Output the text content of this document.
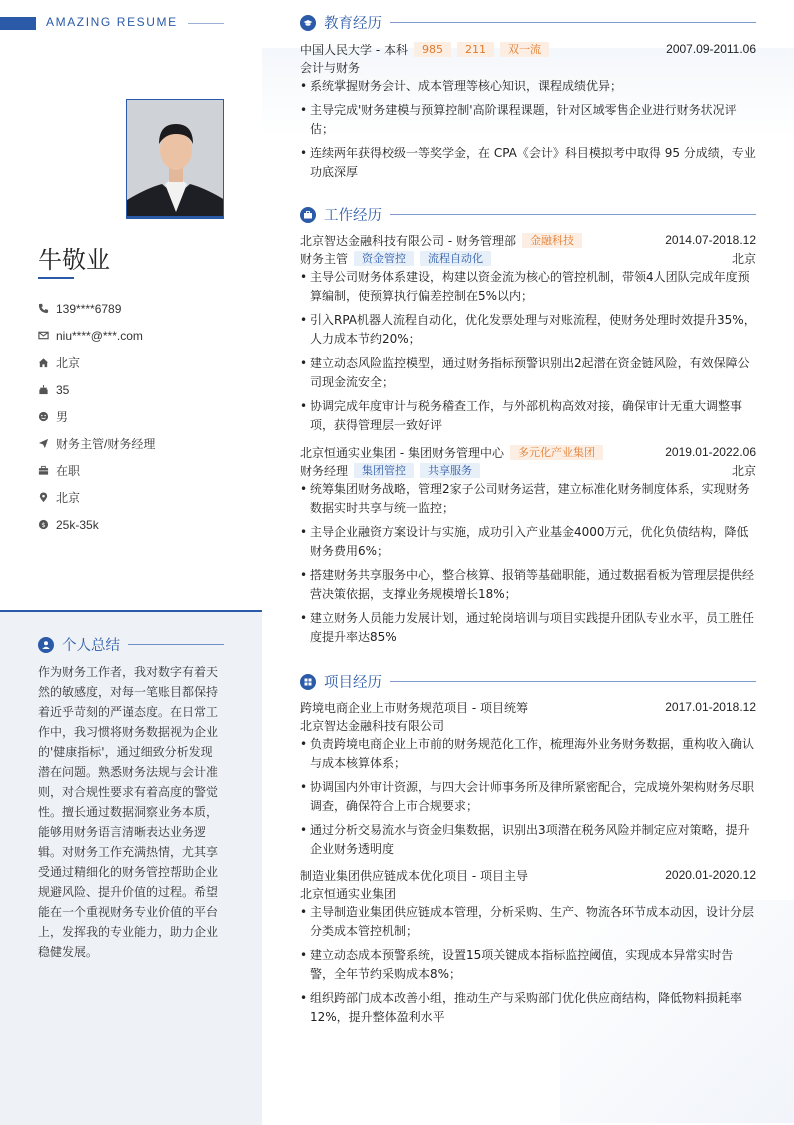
AMAZING RESUME
牛敬业
139****6789
niu****@***.com
北京
35
男
财务主管/财务经理
在职
北京
$ 25k-35k
个人总结
作为财务工作者，我对数字有着天然的敏感度，对每一笔账目都保持着近乎苛刻的严谨态度。在日常工作中，我习惯将财务数据视为企业的'健康指标'，通过细致分析发现潜在问题。熟悉财务法规与会计准则，对合规性要求有着高度的警觉性。擅长通过数据洞察业务本质，能够用财务语言清晰表达业务逻辑。对财务工作充满热情，尤其享受通过精细化的财务管控帮助企业规避风险、提升价值的过程。希望能在一个重视财务专业价值的平台上，发挥我的专业能力，助力企业稳健发展。
教育经历
中国人民大学 - 本科	985	211	双一流	2007.09-2011.06
会计与财务
• 系统掌握财务会计、成本管理等核心知识，课程成绩优异；
• 主导完成'财务建模与预算控制'高阶课程课题，针对区域零售企业进行财务状况评估；
• 连续两年获得校级一等奖学金，在 CPA《会计》科目模拟考中取得 95 分成绩，专业功底深厚
工作经历
北京智达金融科技有限公司 - 财务管理部	金融科技	2014.07-2018.12
财务主管	资金管控	流程自动化	北京
• 主导公司财务体系建设，构建以资金流为核心的管控机制，带领4人团队完成年度预算编制，使预算执行偏差控制在5%以内；
• 引入RPA机器人流程自动化，优化发票处理与对账流程，使财务处理时效提升35%，人力成本节约20%；
• 建立动态风险监控模型，通过财务指标预警识别出2起潜在资金链风险，有效保障公司现金流安全；
• 协调完成年度审计与税务稽查工作，与外部机构高效对接，确保审计无重大调整事项，获得管理层一致好评
北京恒通实业集团 - 集团财务管理中心	多元化产业集团	2019.01-2022.06
财务经理	集团管控	共享服务	北京
• 统筹集团财务战略，管理2家子公司财务运营，建立标准化财务制度体系，实现财务数据实时共享与统一监控；
• 主导企业融资方案设计与实施，成功引入产业基金4000万元，优化负债结构，降低财务费用6%；
• 搭建财务共享服务中心，整合核算、报销等基础职能，通过数据看板为管理层提供经营决策依据，支撑业务规模增长18%；
• 建立财务人员能力发展计划，通过轮岗培训与项目实践提升团队专业水平，员工胜任度提升率达85%
项目经历
跨境电商企业上市财务规范项目 - 项目统筹	2017.01-2018.12
北京智达金融科技有限公司
• 负责跨境电商企业上市前的财务规范化工作，梳理海外业务财务数据，重构收入确认与成本核算体系；
• 协调国内外审计资源，与四大会计师事务所及律所紧密配合，完成境外架构财务尽职调查，确保符合上市合规要求；
• 通过分析交易流水与资金归集数据，识别出3项潜在税务风险并制定应对策略，提升企业财务透明度
制造业集团供应链成本优化项目 - 项目主导	2020.01-2020.12
北京恒通实业集团
• 主导制造业集团供应链成本管理，分析采购、生产、物流各环节成本动因，设计分层分类成本管控机制；
• 建立动态成本预警系统，设置15项关键成本指标监控阈值，实现成本异常实时告警，全年节约采购成本8%；
• 组织跨部门成本改善小组，推动生产与采购部门优化供应商结构，降低物料损耗率12%，提升整体盈利水平
